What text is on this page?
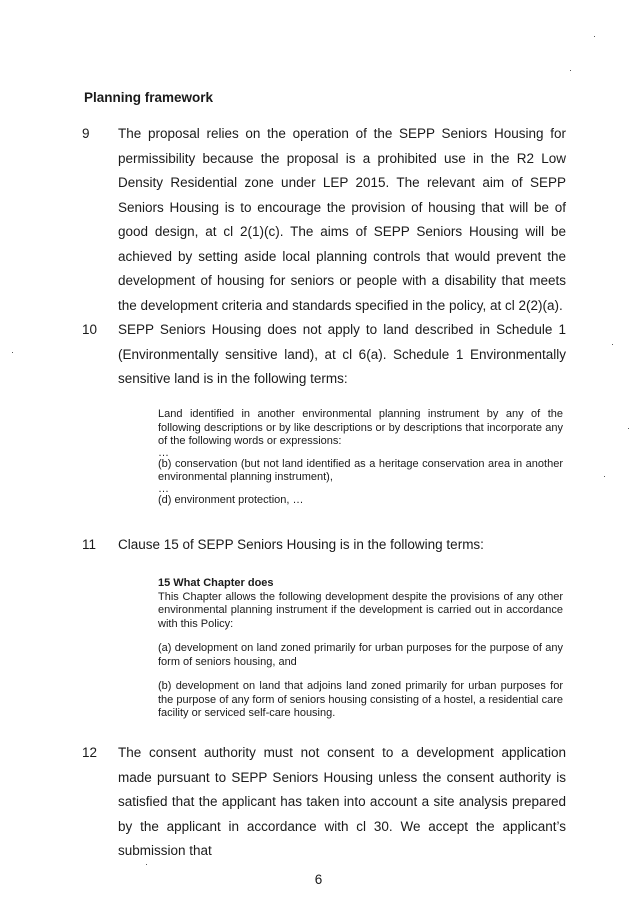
Planning framework
9	The proposal relies on the operation of the SEPP Seniors Housing for permissibility because the proposal is a prohibited use in the R2 Low Density Residential zone under LEP 2015. The relevant aim of SEPP Seniors Housing is to encourage the provision of housing that will be of good design, at cl 2(1)(c). The aims of SEPP Seniors Housing will be achieved by setting aside local planning controls that would prevent the development of housing for seniors or people with a disability that meets the development criteria and standards specified in the policy, at cl 2(2)(a).
10	SEPP Seniors Housing does not apply to land described in Schedule 1 (Environmentally sensitive land), at cl 6(a). Schedule 1 Environmentally sensitive land is in the following terms:

Land identified in another environmental planning instrument by any of the following descriptions or by like descriptions or by descriptions that incorporate any of the following words or expressions:

…

(b) conservation (but not land identified as a heritage conservation area in another environmental planning instrument),

…

(d) environment protection, …

11	Clause 15 of SEPP Seniors Housing is in the following terms:

15 What Chapter does

This Chapter allows the following development despite the provisions of any other environmental planning instrument if the development is carried out in accordance with this Policy:

(a) development on land zoned primarily for urban purposes for the purpose of any form of seniors housing, and

(b) development on land that adjoins land zoned primarily for urban purposes for the purpose of any form of seniors housing consisting of a hostel, a residential care facility or serviced self-care housing.

12	The consent authority must not consent to a development application made pursuant to SEPP Seniors Housing unless the consent authority is satisfied that the applicant has taken into account a site analysis prepared by the applicant in accordance with cl 30. We accept the applicant’s submission that
6
